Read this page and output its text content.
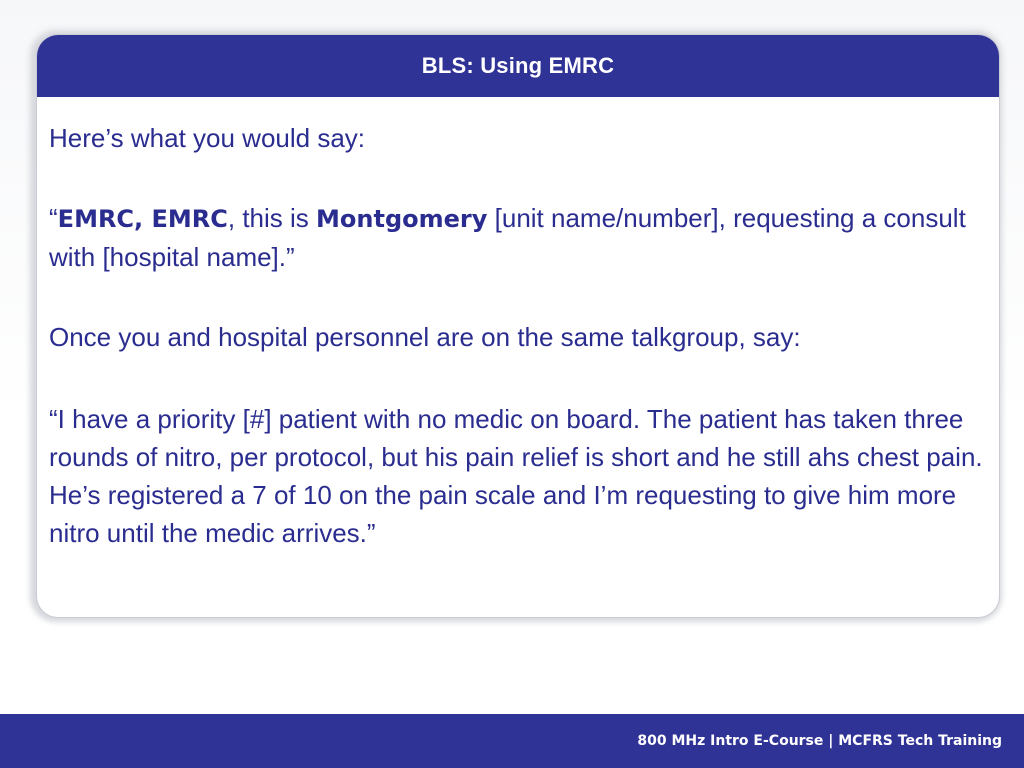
BLS: Using EMRC

Here’s what you would say:

“EMRC, EMRC, this is Montgomery [unit name/number], requesting a consult with [hospital name].”

Once you and hospital personnel are on the same talkgroup, say:

“I have a priority [#] patient with no medic on board. The patient has taken three rounds of nitro, per protocol, but his pain relief is short and he still ahs chest pain. He’s registered a 7 of 10 on the pain scale and I’m requesting to give him more nitro until the medic arrives.”

800 MHz Intro E-Course | MCFRS Tech Training
